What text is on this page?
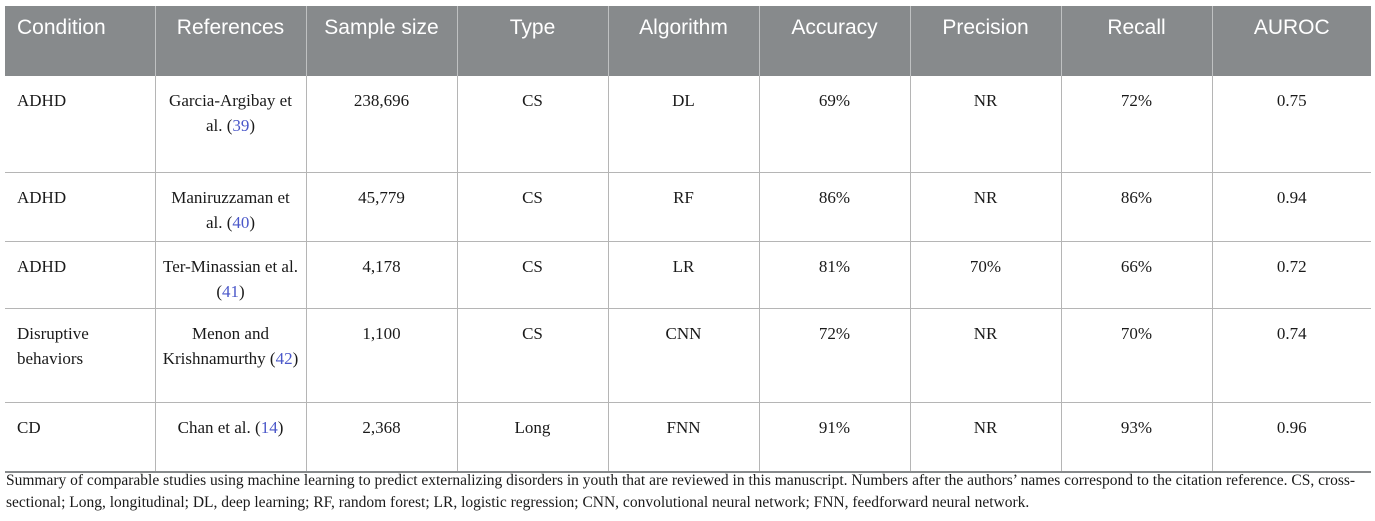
Condition	References	Sample size	Type	Algorithm	Accuracy	Precision	Recall	AUROC
ADHD	Garcia-Argibay et al. (39)	238,696	CS	DL	69%	NR	72%	0.75
ADHD	Maniruzzaman et al. (40)	45,779	CS	RF	86%	NR	86%	0.94
ADHD	Ter-Minassian et al. (41)	4,178	CS	LR	81%	70%	66%	0.72
Disruptive behaviors	Menon and Krishnamurthy (42)	1,100	CS	CNN	72%	NR	70%	0.74
CD	Chan et al. (14)	2,368	Long	FNN	91%	NR	93%	0.96

Summary of comparable studies using machine learning to predict externalizing disorders in youth that are reviewed in this manuscript. Numbers after the authors’ names correspond to the citation reference. CS, cross-sectional; Long, longitudinal; DL, deep learning; RF, random forest; LR, logistic regression; CNN, convolutional neural network; FNN, feedforward neural network.
